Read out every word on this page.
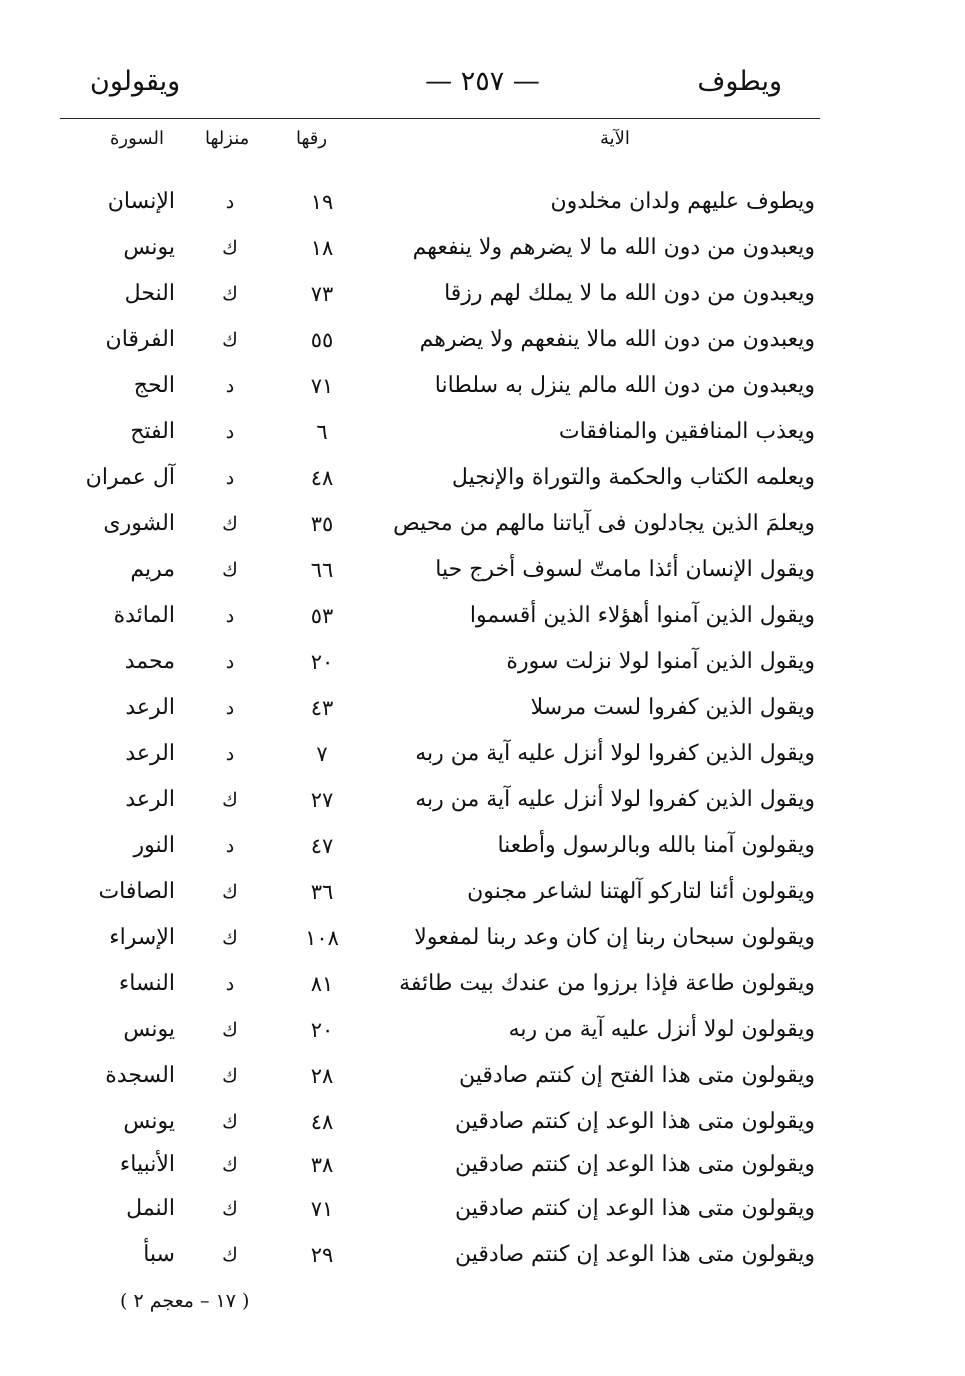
ويطوف
— ٢٥٧ —
ويقولون
الآية
رقها
منزلها
السورة
ويطوف عليهم ولدان مخلدون
١٩
د
الإنسان
ويعبدون من دون الله ما لا يضرهم ولا ينفعهم
١٨
ك
يونس
ويعبدون من دون الله ما لا يملك لهم رزقا
٧٣
ك
النحل
ويعبدون من دون الله مالا ينفعهم ولا يضرهم
٥٥
ك
الفرقان
ويعبدون من دون الله مالم ينزل به سلطانا
٧١
د
الحج
ويعذب المنافقين والمنافقات
٦
د
الفتح
ويعلمه الكتاب والحكمة والتوراة والإنجيل
٤٨
د
آل عمران
ويعلمَ الذين يجادلون فى آياتنا مالهم من محيص
٣٥
ك
الشورى
ويقول الإنسان أئذا مامتّ لسوف أخرج حيا
٦٦
ك
مريم
ويقول الذين آمنوا أهؤلاء الذين أقسموا
٥٣
د
المائدة
ويقول الذين آمنوا لولا نزلت سورة
٢٠
د
محمد
ويقول الذين كفروا لست مرسلا
٤٣
د
الرعد
ويقول الذين كفروا لولا أنزل عليه آية من ربه
٧
د
الرعد
ويقول الذين كفروا لولا أنزل عليه آية من ربه
٢٧
ك
الرعد
ويقولون آمنا بالله وبالرسول وأطعنا
٤٧
د
النور
ويقولون أئنا لتاركو آلهتنا لشاعر مجنون
٣٦
ك
الصافات
ويقولون سبحان ربنا إن كان وعد ربنا لمفعولا
١٠٨
ك
الإسراء
ويقولون طاعة فإذا برزوا من عندك بيت طائفة
٨١
د
النساء
ويقولون لولا أنزل عليه آية من ربه
٢٠
ك
يونس
ويقولون متى هذا الفتح إن كنتم صادقين
٢٨
ك
السجدة
ويقولون متى هذا الوعد إن كنتم صادقين
٤٨
ك
يونس
ويقولون متى هذا الوعد إن كنتم صادقين
٣٨
ك
الأنبياء
ويقولون متى هذا الوعد إن كنتم صادقين
٧١
ك
النمل
ويقولون متى هذا الوعد إن كنتم صادقين
٢٩
ك
سبأ
( ١٧ – معجم ٢ )
